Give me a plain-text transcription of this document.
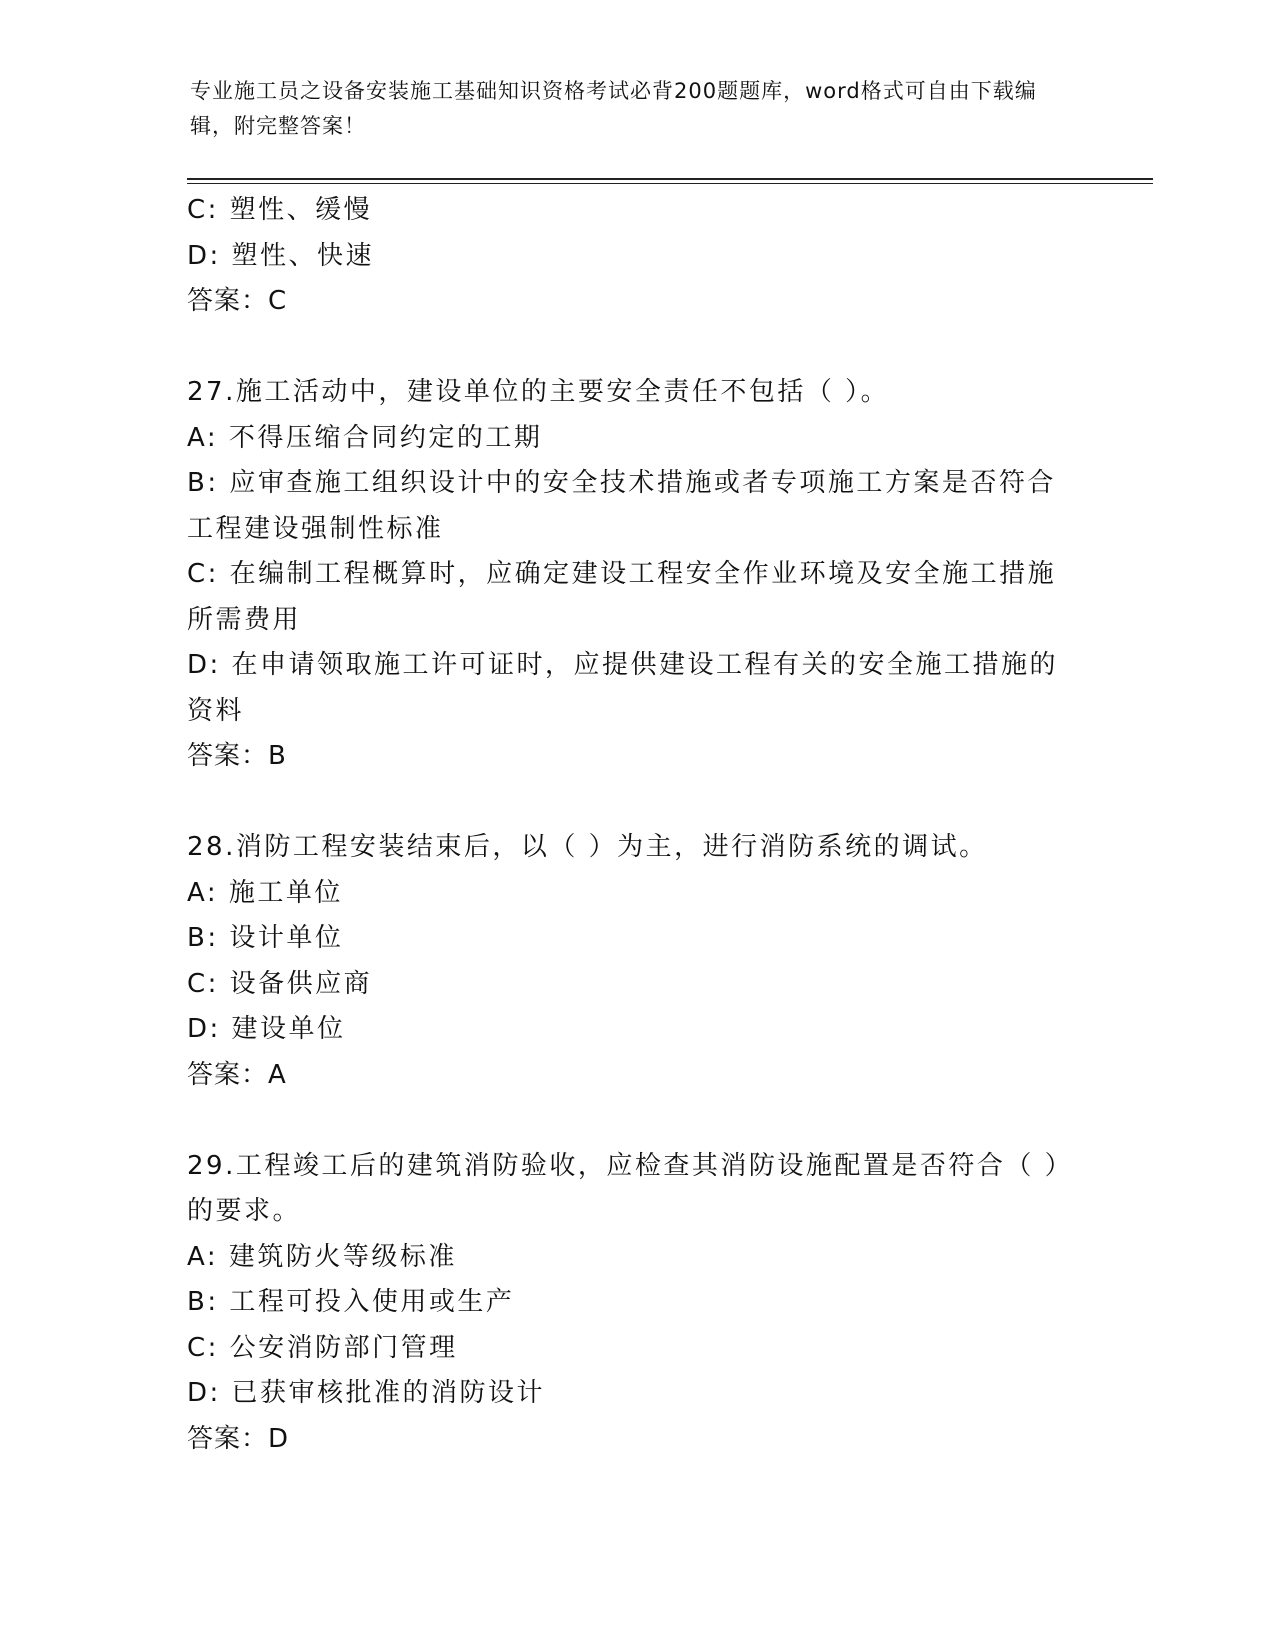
专业施工员之设备安装施工基础知识资格考试必背200题题库，word格式可自由下载编辑，附完整答案！
C: 塑性、缓慢
D: 塑性、快速
答案：C
27.施工活动中，建设单位的主要安全责任不包括（ ）。
A: 不得压缩合同约定的工期
B: 应审查施工组织设计中的安全技术措施或者专项施工方案是否符合工程建设强制性标准
C: 在编制工程概算时，应确定建设工程安全作业环境及安全施工措施所需费用
D: 在申请领取施工许可证时，应提供建设工程有关的安全施工措施的资料
答案：B
28.消防工程安装结束后，以（ ）为主，进行消防系统的调试。
A: 施工单位
B: 设计单位
C: 设备供应商
D: 建设单位
答案：A
29.工程竣工后的建筑消防验收，应检查其消防设施配置是否符合（ ）的要求。
A: 建筑防火等级标准
B: 工程可投入使用或生产
C: 公安消防部门管理
D: 已获审核批准的消防设计
答案：D
